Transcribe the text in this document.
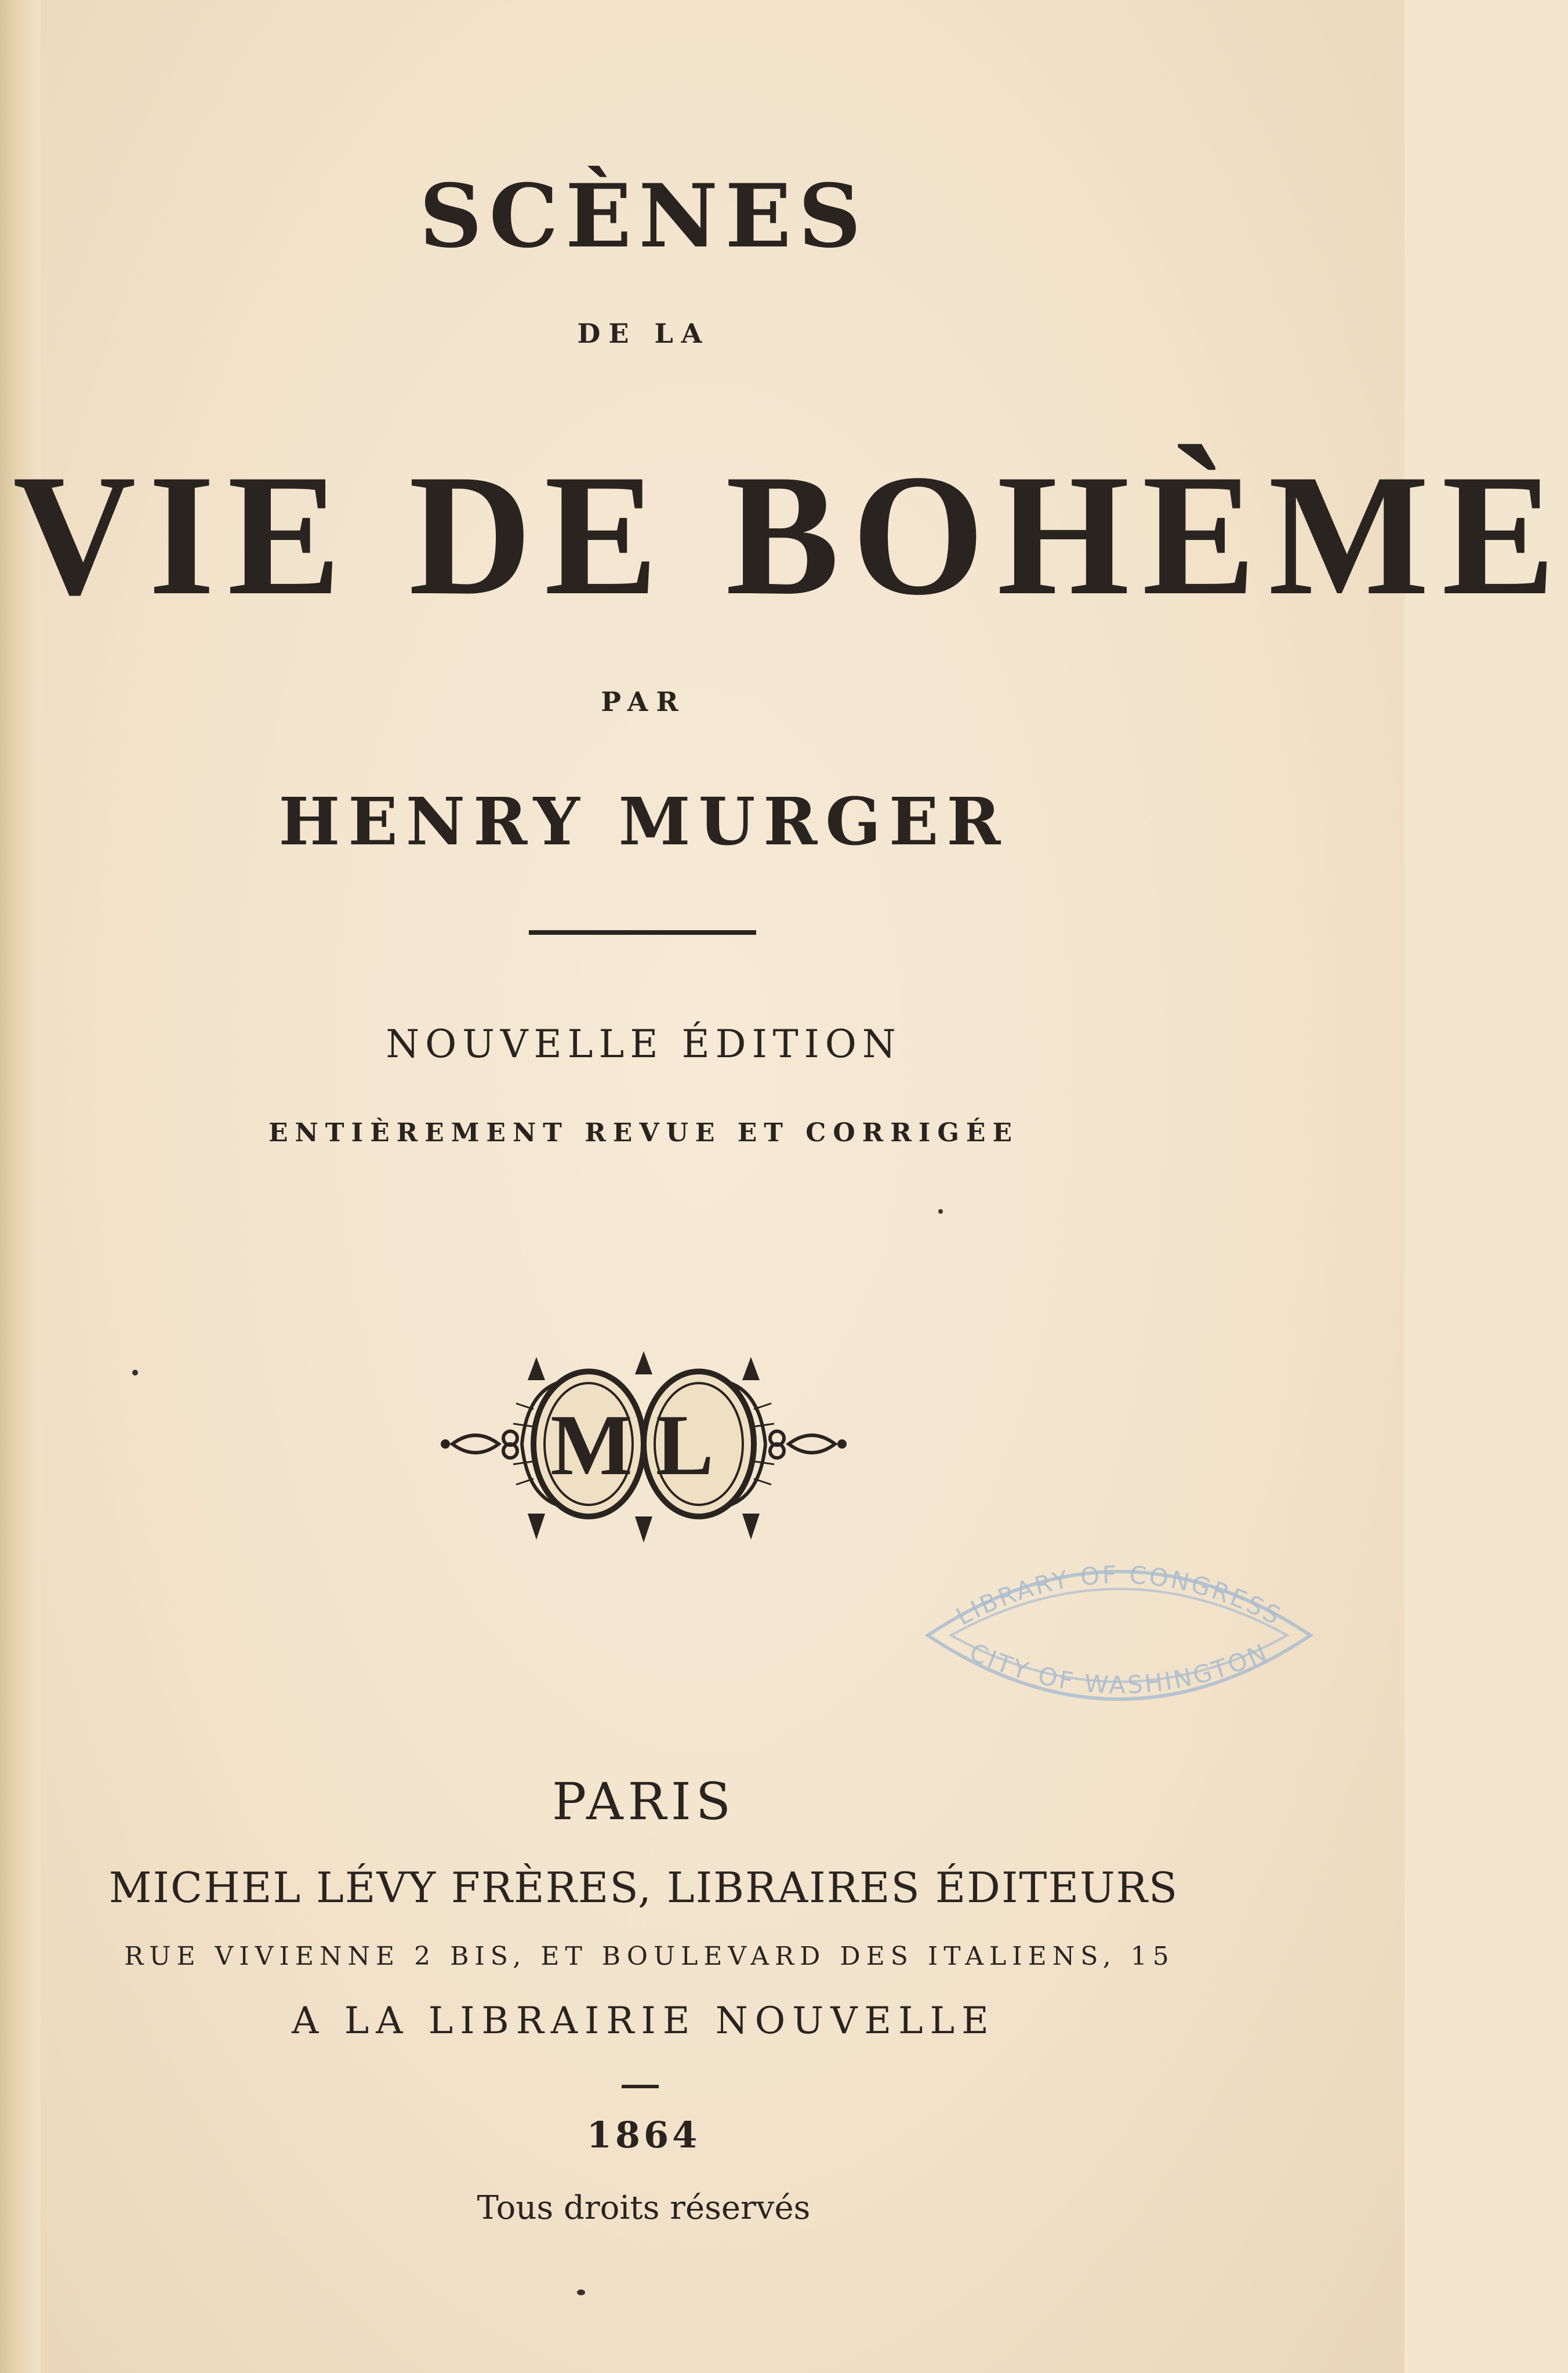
SCÈNES
DE LA
VIE DE BOHÈME
PAR
HENRY MURGER
NOUVELLE ÉDITION
ENTIÈREMENT REVUE ET CORRIGÉE
ML
LIBRARY OF CONGRESS
CITY OF WASHINGTON
PARIS
MICHEL LÉVY FRÈRES, LIBRAIRES ÉDITEURS
RUE VIVIENNE 2 BIS, ET BOULEVARD DES ITALIENS, 15
A LA LIBRAIRIE NOUVELLE
1864
Tous droits réservés
